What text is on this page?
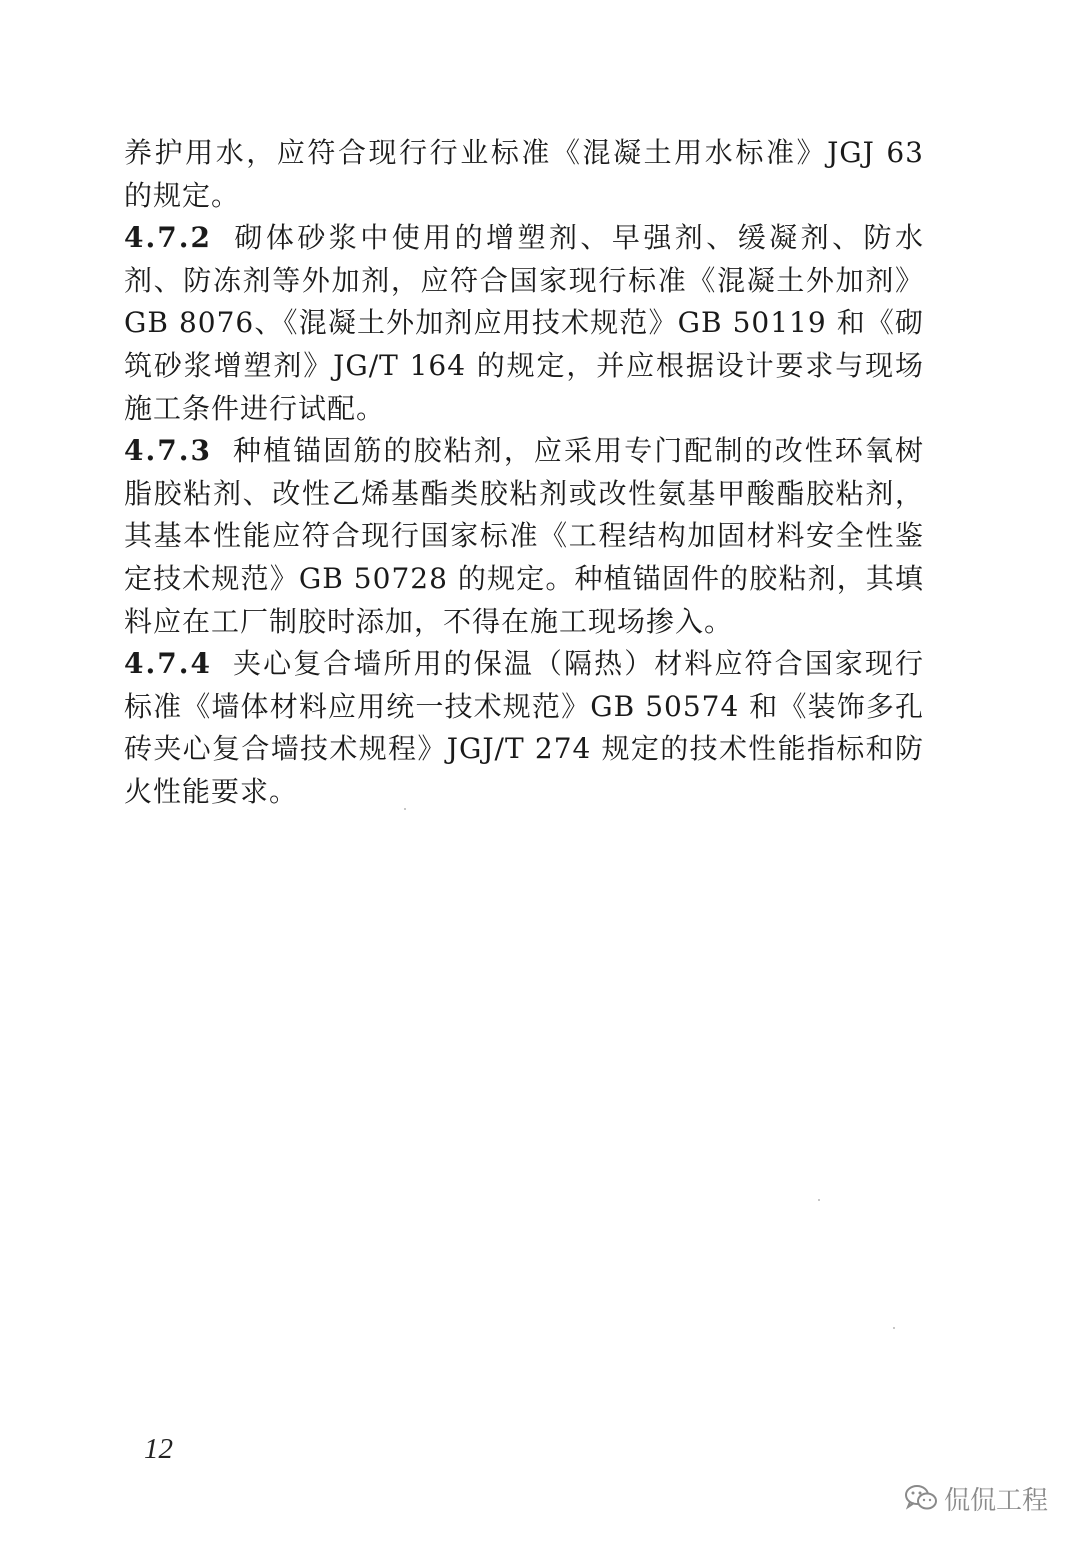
养护用水，应符合现行行业标准《混凝土用水标准》JGJ 63 的规定。

4.7.2 砌体砂浆中使用的增塑剂、早强剂、缓凝剂、防水剂、防冻剂等外加剂，应符合国家现行标准《混凝土外加剂》GB 8076、《混凝土外加剂应用技术规范》GB 50119 和《砌筑砂浆增塑剂》JG/T 164 的规定，并应根据设计要求与现场施工条件进行试配。

4.7.3 种植锚固筋的胶粘剂，应采用专门配制的改性环氧树脂胶粘剂、改性乙烯基酯类胶粘剂或改性氨基甲酸酯胶粘剂，其基本性能应符合现行国家标准《工程结构加固材料安全性鉴定技术规范》GB 50728 的规定。种植锚固件的胶粘剂，其填料应在工厂制胶时添加，不得在施工现场掺入。

4.7.4 夹心复合墙所用的保温（隔热）材料应符合国家现行标准《墙体材料应用统一技术规范》GB 50574 和《装饰多孔砖夹心复合墙技术规程》JGJ/T 274 规定的技术性能指标和防火性能要求。

12
侃侃工程
